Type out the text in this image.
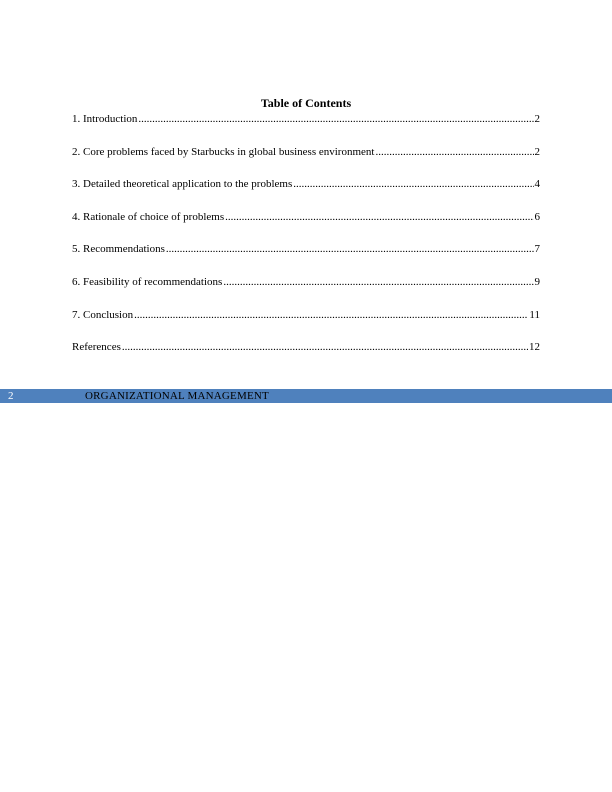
Table of Contents
1. Introduction .....	2
2. Core problems faced by Starbucks in global business environment .....	2
3. Detailed theoretical application to the problems .....	4
4. Rationale of choice of problems .....	6
5. Recommendations .....	7
6. Feasibility of recommendations .....	9
7. Conclusion .....	11
References .....	12
2	ORGANIZATIONAL MANAGEMENT
